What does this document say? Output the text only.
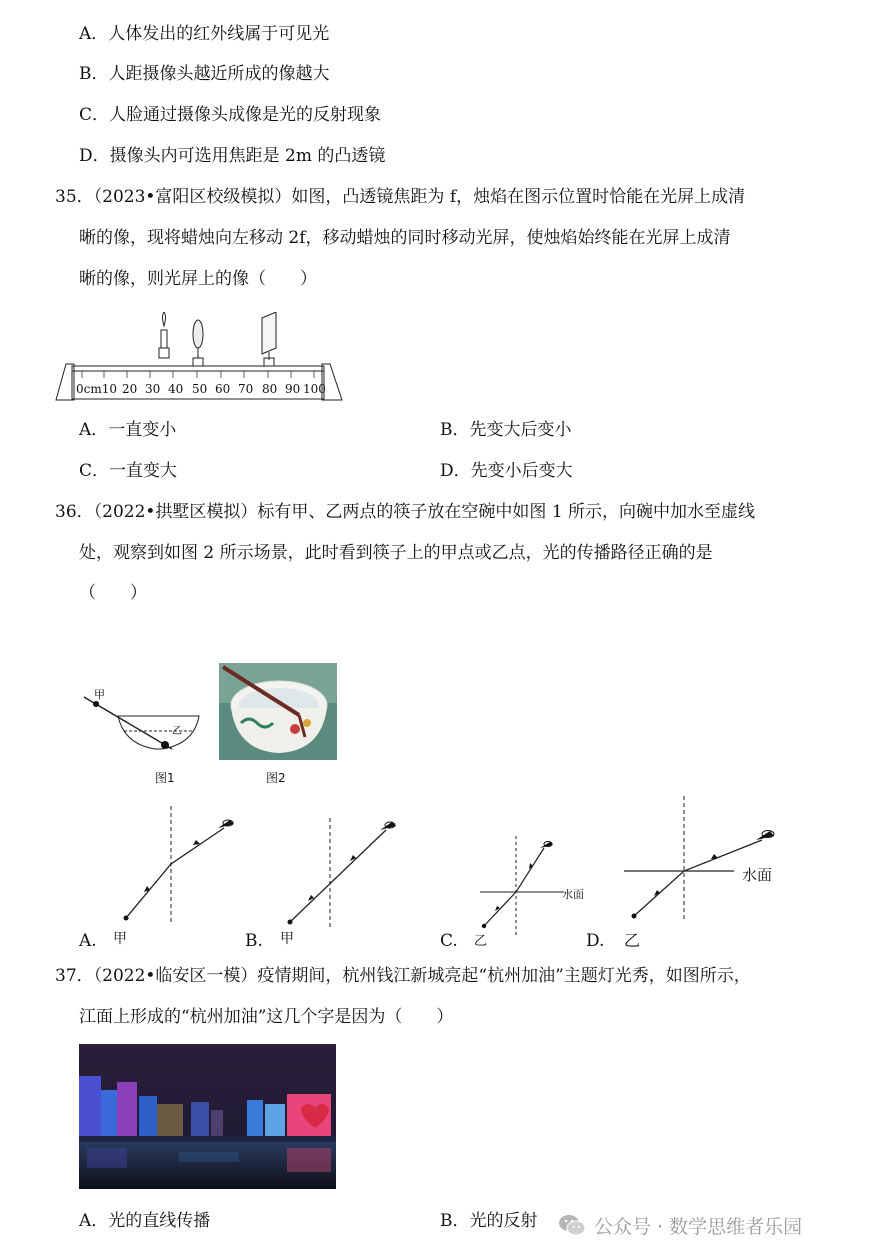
A．人体发出的红外线属于可见光
B．人距摄像头越近所成的像越大
C．人脸通过摄像头成像是光的反射现象
D．摄像头内可选用焦距是 2m 的凸透镜
35．（2023•富阳区校级模拟）如图，凸透镜焦距为 f，烛焰在图示位置时恰能在光屏上成清
晰的像，现将蜡烛向左移动 2f，移动蜡烛的同时移动光屏，使烛焰始终能在光屏上成清
晰的像，则光屏上的像（　　）
0cm10 20 30 40 50 60 70 80 90 100
A．一直变小	B．先变大后变小
C．一直变大	D．先变小后变大
36．（2022•拱墅区模拟）标有甲、乙两点的筷子放在空碗中如图 1 所示，向碗中加水至虚线
处，观察到如图 2 所示场景，此时看到筷子上的甲点或乙点，光的传播路径正确的是
（　　）
甲
乙
图1	图2
A. 甲	B. 甲
水面
C. 乙
水面
D. 乙
37．（2022•临安区一模）疫情期间，杭州钱江新城亮起“杭州加油”主题灯光秀，如图所示，
江面上形成的“杭州加油”这几个字是因为（　　）
A．光的直线传播	B．光的反射	公众号 · 数学思维者乐园
